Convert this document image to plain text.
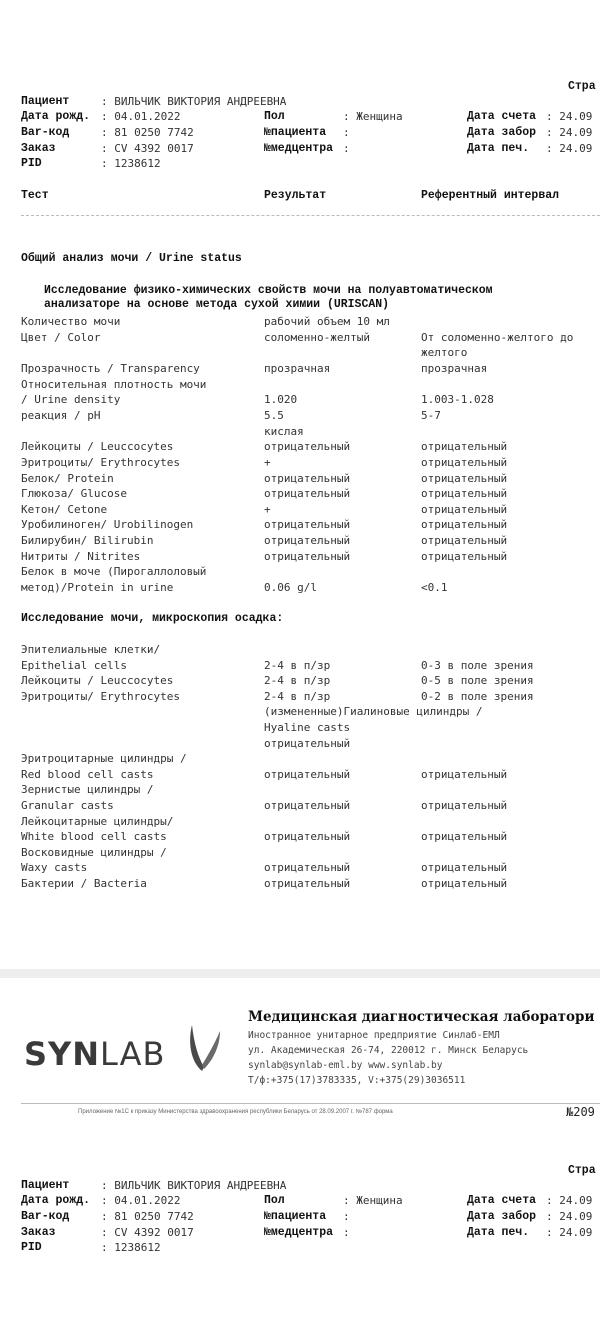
Стра
Пациент	: ВИЛЬЧИК ВИКТОРИЯ АНДРЕЕВНА
Дата рожд. : 04.01.2022	Пол	: Женщина	Дата счета : 24.09
Bar-код	: 81 0250 7742	№пациента :	Дата забор : 24.09
Заказ	: CV 4392 0017	№медцентра :	Дата печ. : 24.09
PID	: 1238612
Тест	Результат	Референтный интервал
Общий анализ мочи / Urine status
Исследование физико-химических свойств мочи на полуавтоматическом
анализаторе на основе метода сухой химии (URISCAN)
Количество мочи	рабочий объем 10 мл
Цвет / Color	соломенно-желтый	От соломенно-желтого до
желтого
Прозрачность / Transparency	прозрачная	прозрачная
Относительная плотность мочи
/ Urine density	1.020	1.003-1.028
реакция / pH	5.5	5-7
кислая
Лейкоциты / Leuccocytes	отрицательный	отрицательный
Эритроциты/ Erythrocytes	+	отрицательный
Белок/ Protein	отрицательный	отрицательный
Глюкоза/ Glucose	отрицательный	отрицательный
Кетон/ Cetone	+	отрицательный
Уробилиноген/ Urobilinogen	отрицательный	отрицательный
Билирубин/ Bilirubin	отрицательный	отрицательный
Нитриты / Nitrites	отрицательный	отрицательный
Белок в моче (Пирогаллоловый
метод)/Protein in urine	0.06 g/l	<0.1
Исследование мочи, микроскопия осадка:
Эпителиальные клетки/
Epithelial cells	2-4 в п/зр	0-3 в поле зрения
Лейкоциты / Leuccocytes	2-4 в п/зр	0-5 в поле зрения
Эритроциты/ Erythrocytes	2-4 в п/зр	0-2 в поле зрения
(измененные)Гиалиновые цилиндры /
Hyaline casts
отрицательный
Эритроцитарные цилиндры /
Red blood cell casts	отрицательный	отрицательный
Зернистые цилиндры /
Granular casts	отрицательный	отрицательный
Лейкоцитарные цилиндры/
White blood cell casts	отрицательный	отрицательный
Восковидные цилиндры /
Waxy casts	отрицательный	отрицательный
Бактерии / Bacteria	отрицательный	отрицательный
SYNLAB
Медицинская диагностическая лаборатори
Иностранное унитарное предприятие Синлаб-ЕМЛ
ул. Академическая 26-74, 220012 г. Минск Беларусь
synlab@synlab-eml.by www.synlab.by
Т/ф:+375(17)3783335, V:+375(29)3036511
Приложение №1С к приказу Министерства здравоохранения республики Беларусь от 28.09.2007 г. №787 форма	№209
Стра
Пациент	: ВИЛЬЧИК ВИКТОРИЯ АНДРЕЕВНА
Дата рожд. : 04.01.2022	Пол	: Женщина	Дата счета : 24.09
Bar-код	: 81 0250 7742	№пациента :	Дата забор : 24.09
Заказ	: CV 4392 0017	№медцентра :	Дата печ. : 24.09
PID	: 1238612
